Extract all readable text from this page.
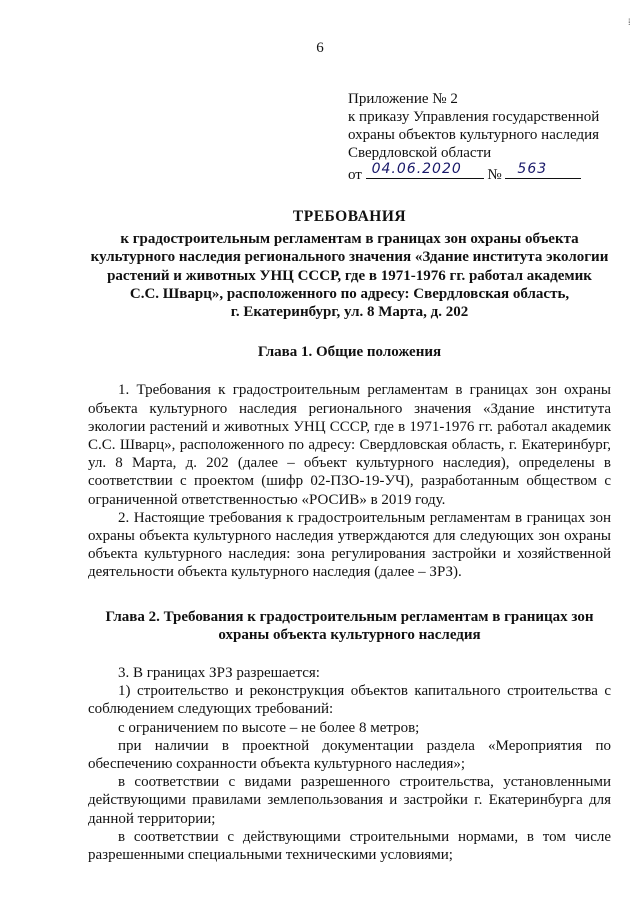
6
⁞
Приложение № 2
к приказу Управления государственной
охраны объектов культурного наследия
Свердловской области
от 04.06.2020 № 563
ТРЕБОВАНИЯ
к градостроительным регламентам в границах зон охраны объекта
культурного наследия регионального значения «Здание института экологии
растений и животных УНЦ СССР, где в 1971-1976 гг. работал академик
С.С. Шварц», расположенного по адресу: Свердловская область,
г. Екатеринбург, ул. 8 Марта, д. 202
Глава 1. Общие положения

1. Требования к градостроительным регламентам в границах зон охраны объекта культурного наследия регионального значения «Здание института экологии растений и животных УНЦ СССР, где в 1971-1976 гг. работал академик С.С. Шварц», расположенного по адресу: Свердловская область, г. Екатеринбург, ул. 8 Марта, д. 202 (далее – объект культурного наследия), определены в соответствии с проектом (шифр 02-ПЗО-19-УЧ), разработанным обществом с ограниченной ответственностью «РОСИВ» в 2019 году.

2. Настоящие требования к градостроительным регламентам в границах зон охраны объекта культурного наследия утверждаются для следующих зон охраны объекта культурного наследия: зона регулирования застройки и хозяйственной деятельности объекта культурного наследия (далее – ЗРЗ).

Глава 2. Требования к градостроительным регламентам в границах зон
охраны объекта культурного наследия

3. В границах ЗРЗ разрешается:

1) строительство и реконструкция объектов капитального строительства с соблюдением следующих требований:

с ограничением по высоте – не более 8 метров;

при наличии в проектной документации раздела «Мероприятия по обеспечению сохранности объекта культурного наследия»;

в соответствии с видами разрешенного строительства, установленными действующими правилами землепользования и застройки г. Екатеринбурга для данной территории;

в соответствии с действующими строительными нормами, в том числе разрешенными специальными техническими условиями;
